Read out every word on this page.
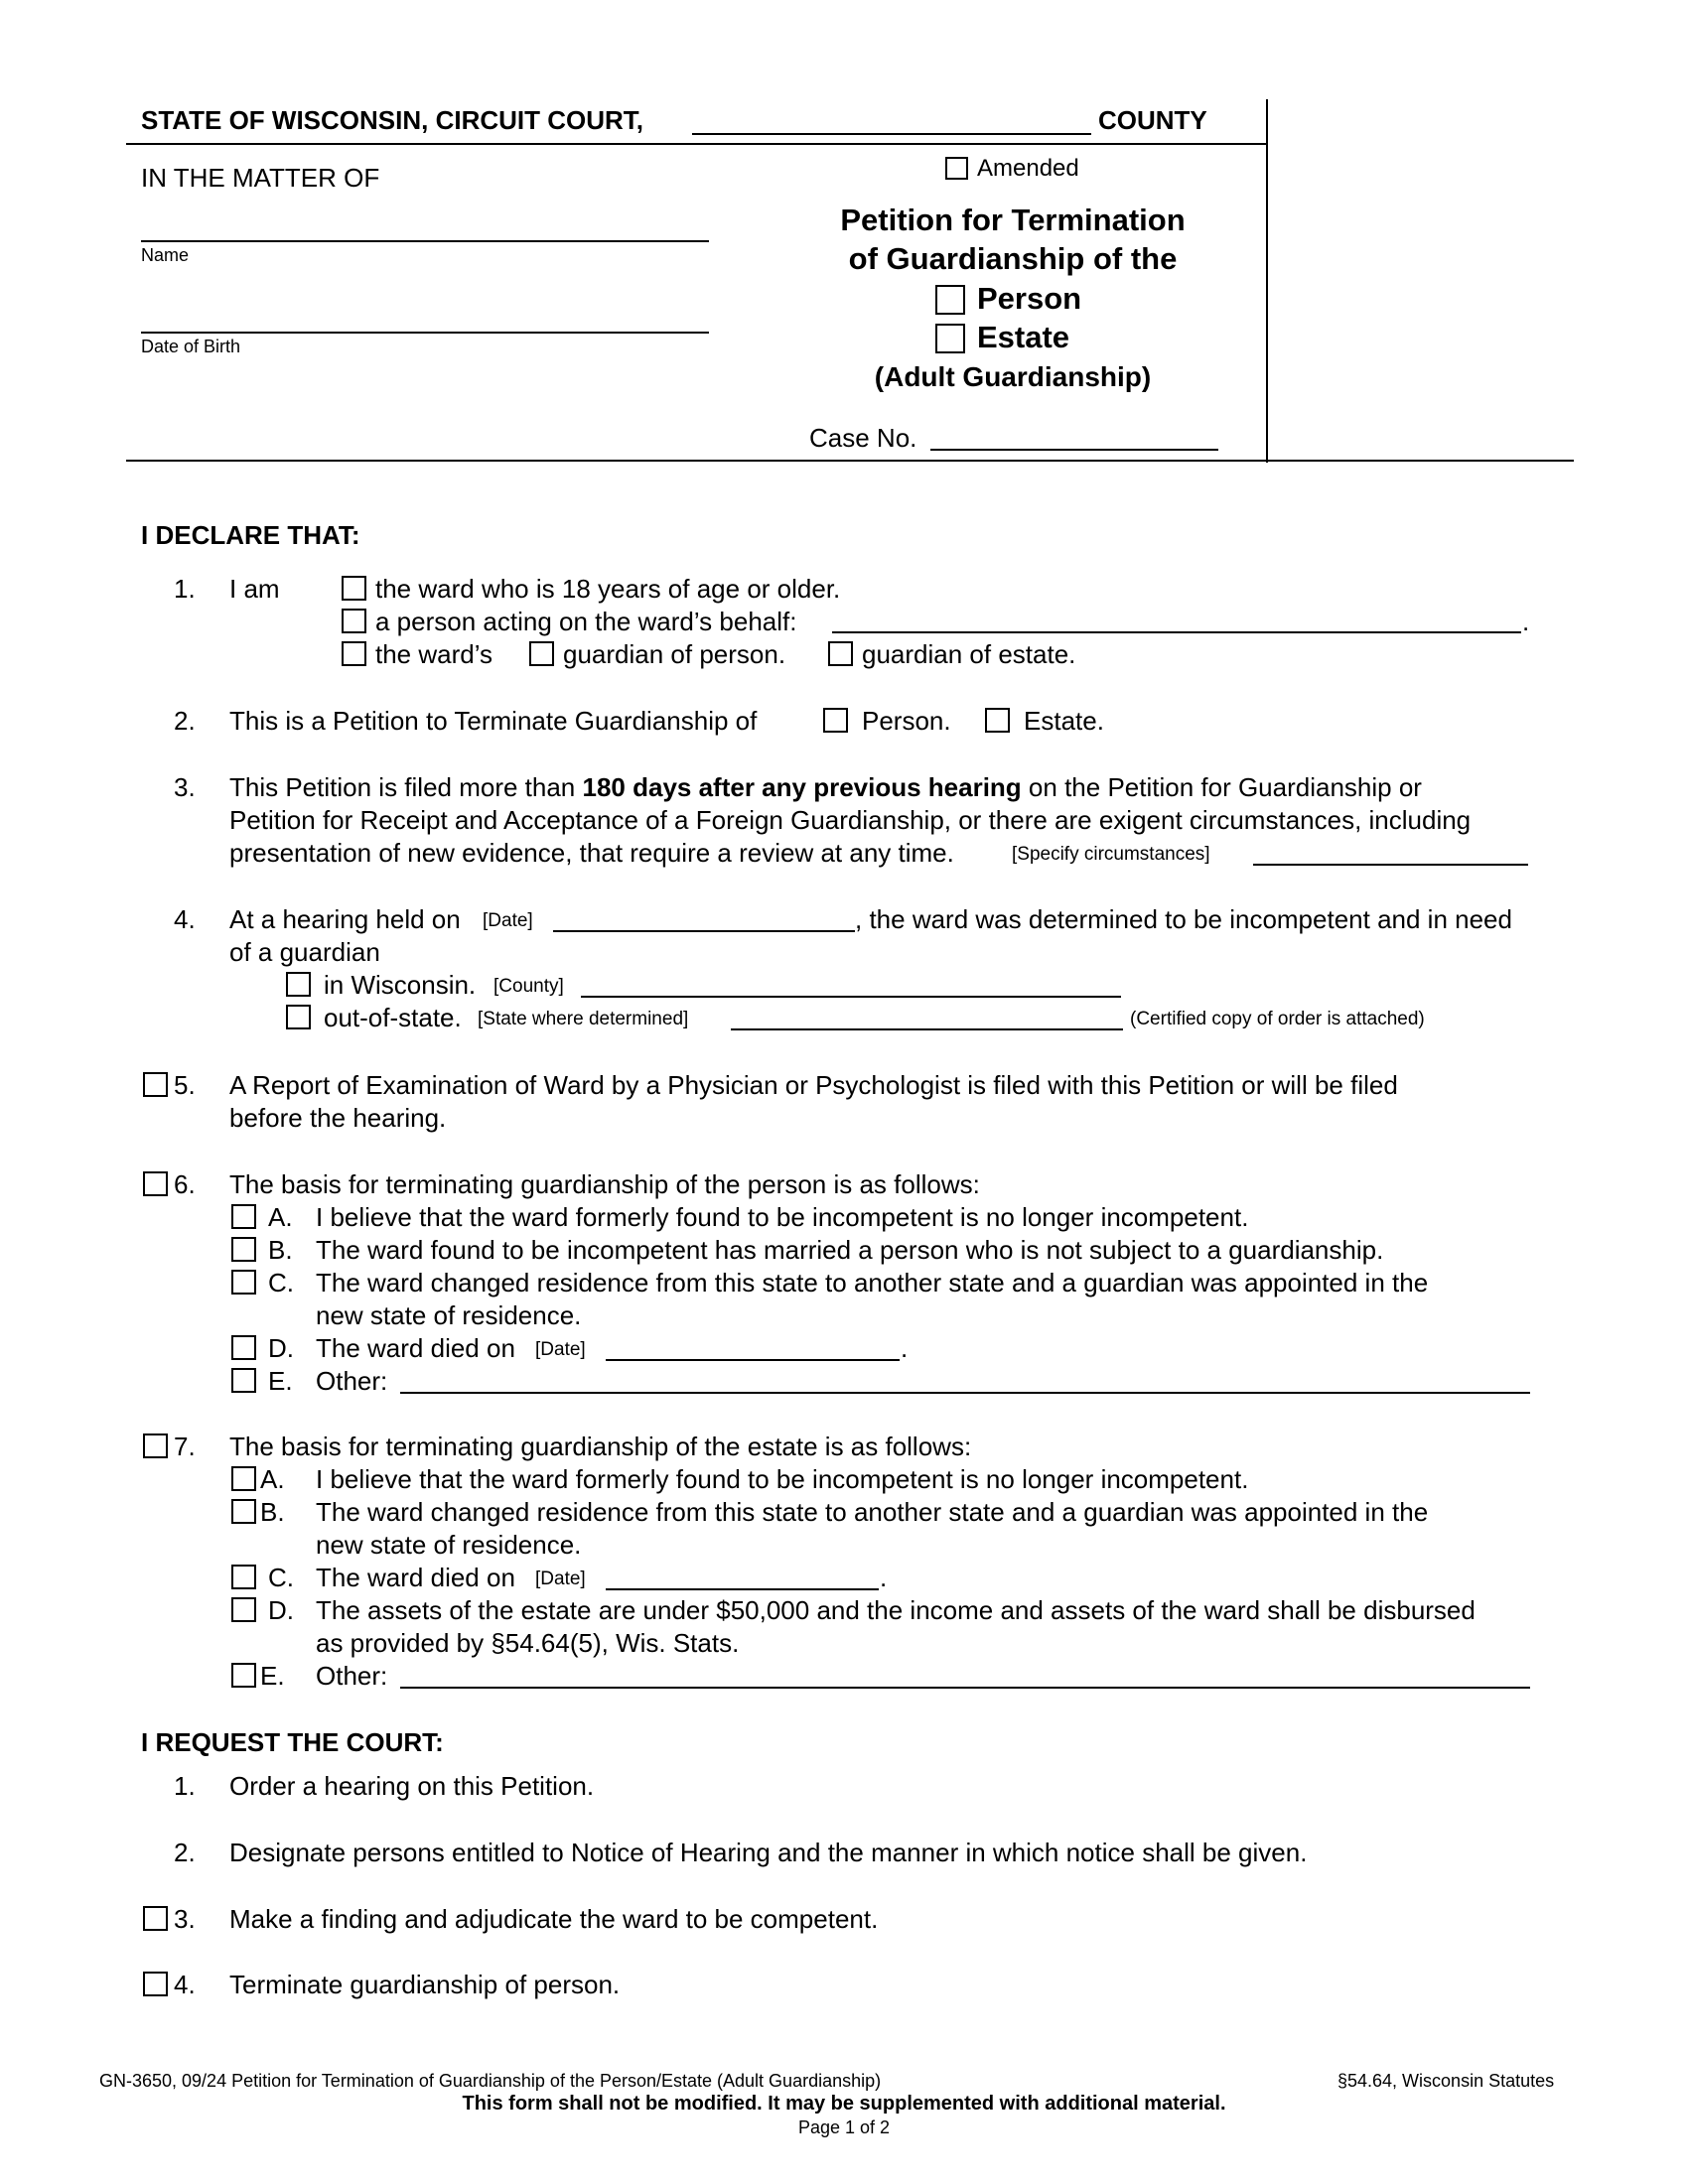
STATE OF WISCONSIN, CIRCUIT COURT,	COUNTY
IN THE MATTER OF
Name
Date of Birth
Amended
Petition for Termination
of Guardianship of the
Person
Estate
(Adult Guardianship)
Case No.
I DECLARE THAT:
1. I am	the ward who is 18 years of age or older.
a person acting on the ward’s behalf:	.
the ward’s	guardian of person.	guardian of estate.
2. This is a Petition to Terminate Guardianship of	Person.	Estate.
3. This Petition is filed more than 180 days after any previous hearing on the Petition for Guardianship or
Petition for Receipt and Acceptance of a Foreign Guardianship, or there are exigent circumstances, including
presentation of new evidence, that require a review at any time.	[Specify circumstances]
4. At a hearing held on [Date]	, the ward was determined to be incompetent and in need
of a guardian
in Wisconsin. [County]
out-of-state. [State where determined]	(Certified copy of order is attached)
5. A Report of Examination of Ward by a Physician or Psychologist is filed with this Petition or will be filed
before the hearing.
6. The basis for terminating guardianship of the person is as follows:
A. I believe that the ward formerly found to be incompetent is no longer incompetent.
B. The ward found to be incompetent has married a person who is not subject to a guardianship.
C. The ward changed residence from this state to another state and a guardian was appointed in the
new state of residence.
D. The ward died on [Date]	.
E. Other:
7. The basis for terminating guardianship of the estate is as follows:
A. I believe that the ward formerly found to be incompetent is no longer incompetent.
B. The ward changed residence from this state to another state and a guardian was appointed in the
new state of residence.
C. The ward died on [Date]	.
D. The assets of the estate are under $50,000 and the income and assets of the ward shall be disbursed
as provided by §54.64(5), Wis. Stats.
E. Other:
I REQUEST THE COURT:
1. Order a hearing on this Petition.
2. Designate persons entitled to Notice of Hearing and the manner in which notice shall be given.
3. Make a finding and adjudicate the ward to be competent.
4. Terminate guardianship of person.
GN-3650, 09/24 Petition for Termination of Guardianship of the Person/Estate (Adult Guardianship)	§54.64, Wisconsin Statutes
This form shall not be modified. It may be supplemented with additional material.
Page 1 of 2
